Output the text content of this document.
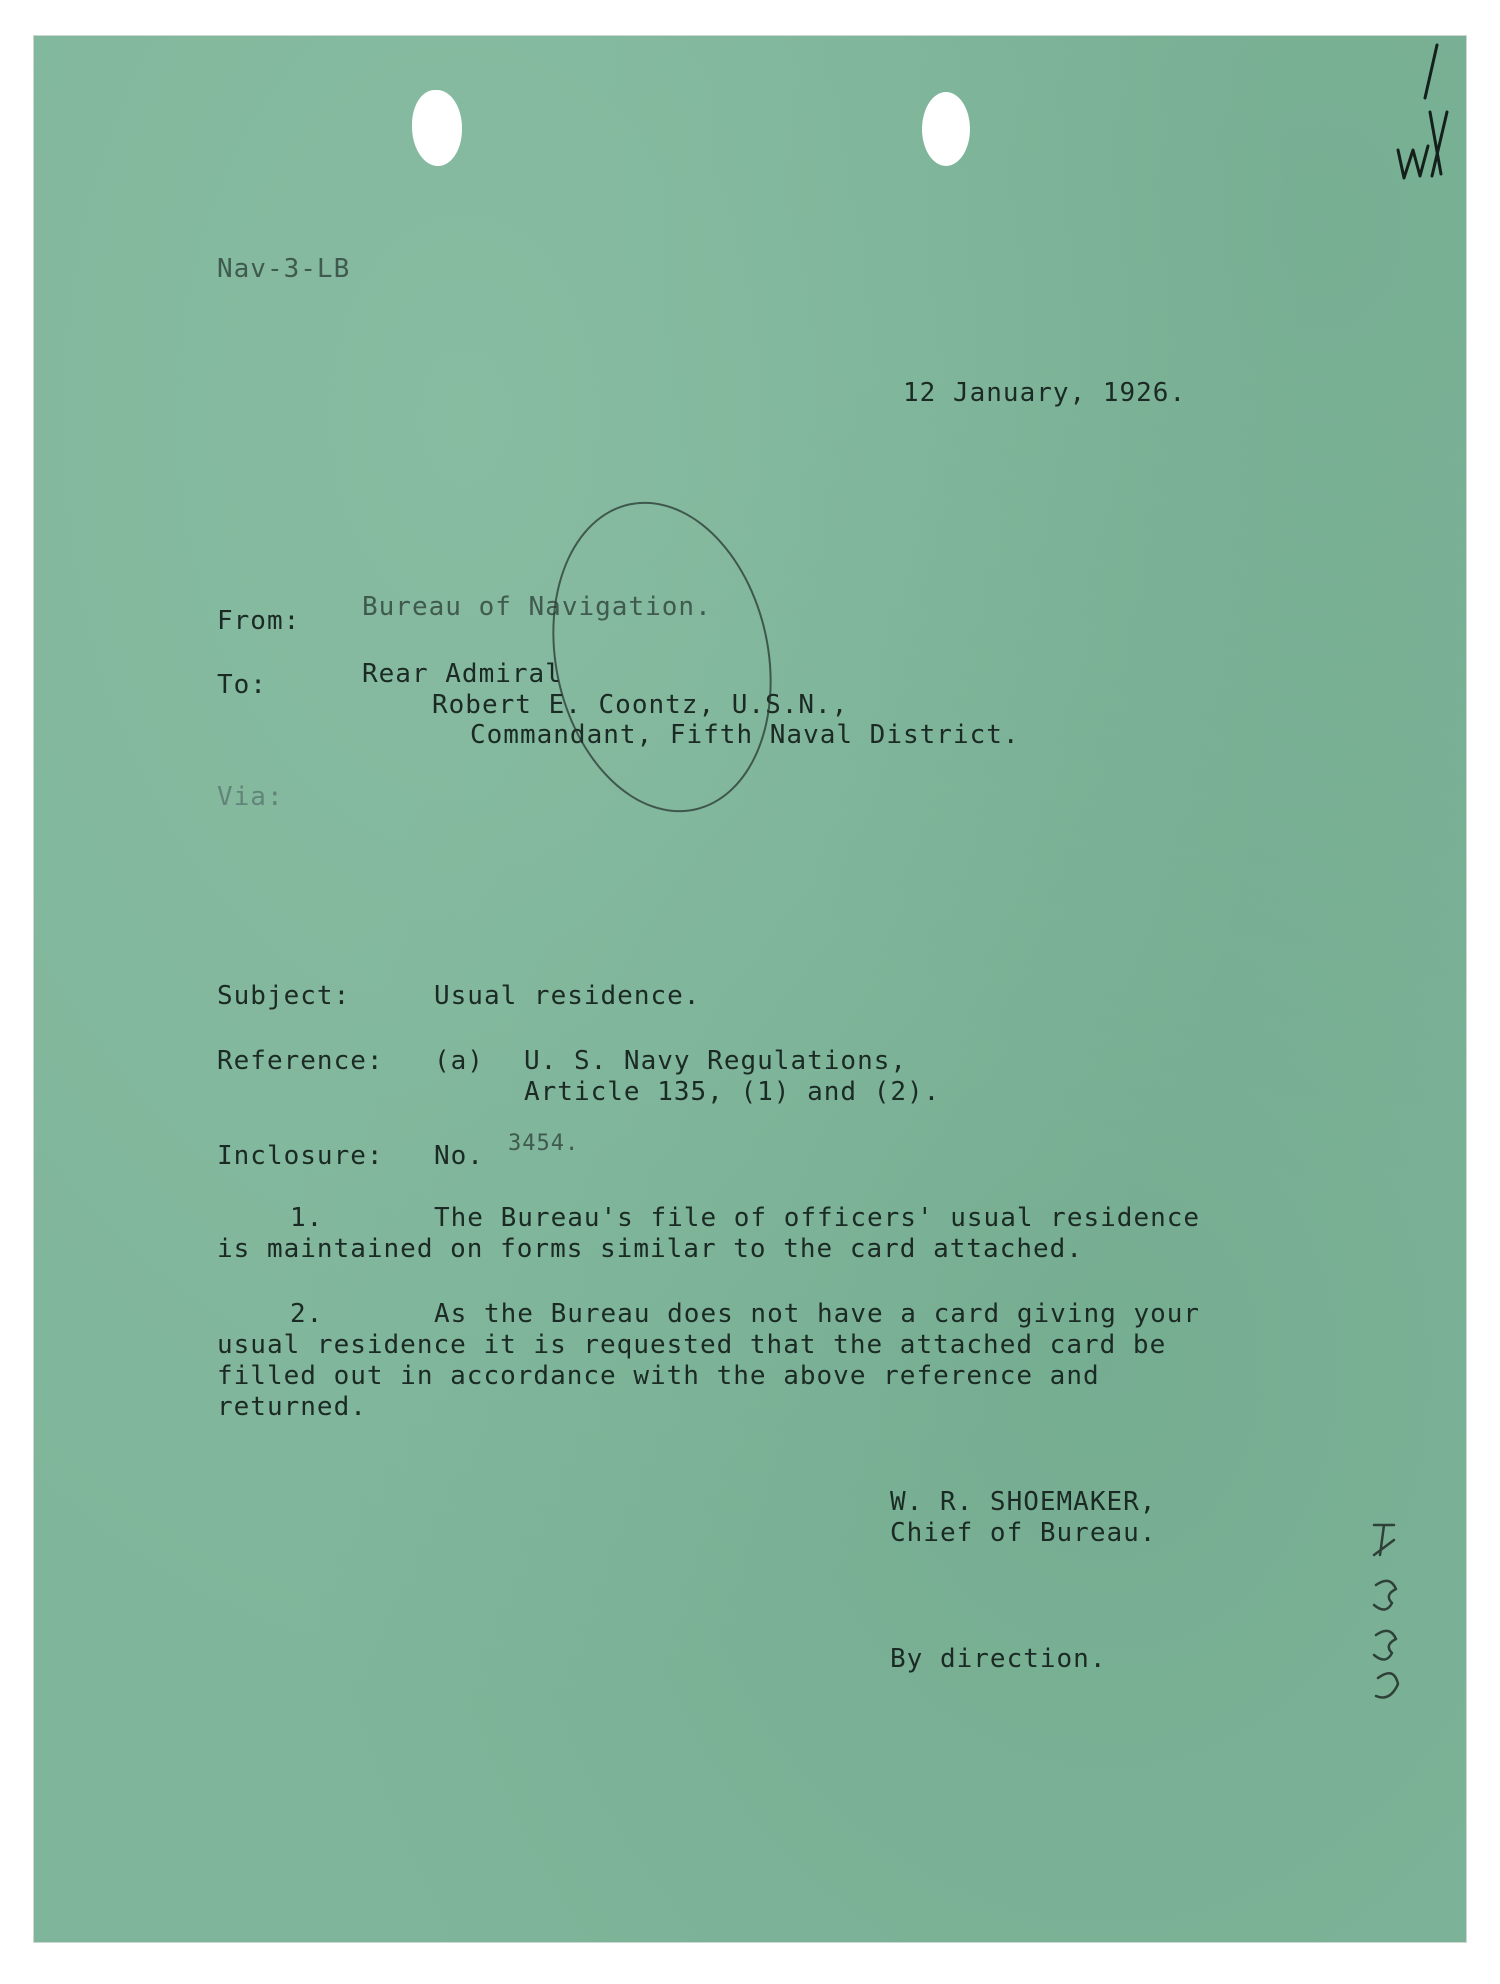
Nav-3-LB
12 January, 1926.
From: Bureau of Navigation.
To:	Rear Admiral
Robert E. Coontz, U.S.N.,
Commandant, Fifth Naval District.
Via:
Subject:	Usual residence.
Reference: (a) U. S. Navy Regulations,
Article 135, (1) and (2).
Inclosure: No. 3454.
1.	The Bureau's file of officers' usual residence
is maintained on forms similar to the card attached.
2.	As the Bureau does not have a card giving your
usual residence it is requested that the attached card be
filled out in accordance with the above reference and
returned.
W. R. SHOEMAKER,
Chief of Bureau.
By direction.
